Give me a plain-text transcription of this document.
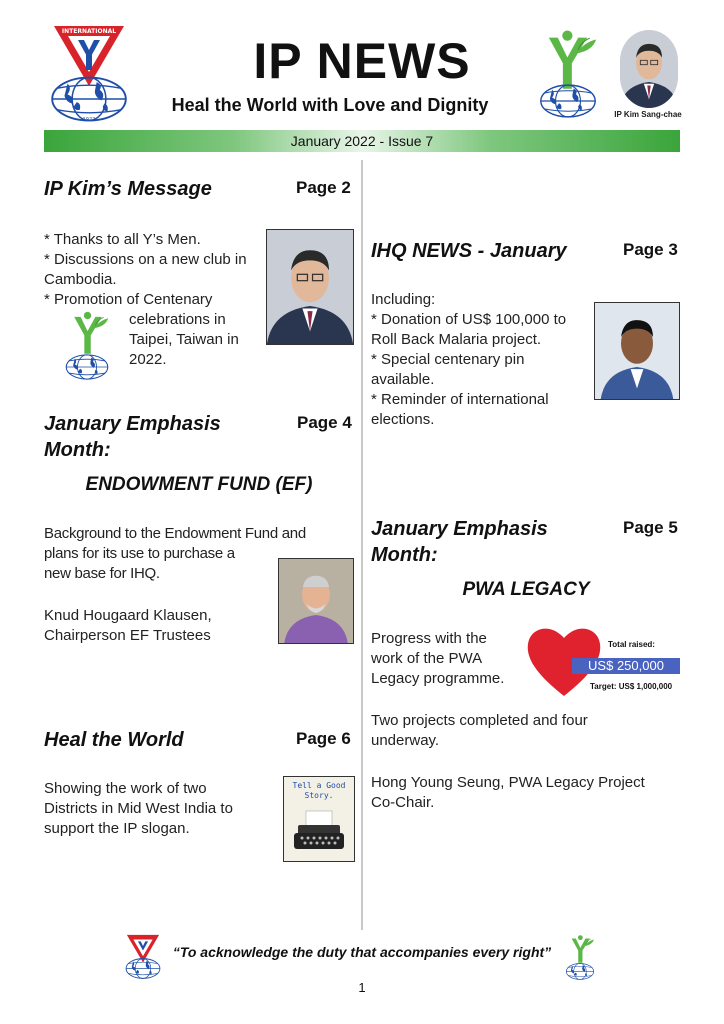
INTERNATIONAL
1922
IP NEWS
Heal the World with Love and Dignity	IP Kim Sang-chae
January 2022 - Issue 7
IP Kim’s Message	Page 2
* Thanks to all Y’s Men.
* Discussions on a new club in
Cambodia.
* Promotion of Centenary
celebrations in
Taipei, Taiwan in
2022.
IHQ NEWS - January	Page 3
Including:
* Donation of US$ 100,000 to
Roll Back Malaria project.
* Special centenary pin
available.
* Reminder of international
elections.
January Emphasis
Month:
Page 4
ENDOWMENT FUND (EF)
Background to the Endowment Fund and
plans for its use to purchase a
new base for IHQ.
Knud Hougaard Klausen,
Chairperson EF Trustees
January Emphasis
Month:
Page 5
PWA LEGACY
Progress with the
work of the PWA
Legacy programme.
Total raised:
US$ 250,000
Target: US$ 1,000,000
Two projects completed and four
underway.
Hong Young Seung, PWA Legacy Project
Co-Chair.
Heal the World	Page 6
Showing the work of two
Districts in Mid West India to
support the IP slogan.
Tell a Good
Story.
“To acknowledge the duty that accompanies every right”
1
